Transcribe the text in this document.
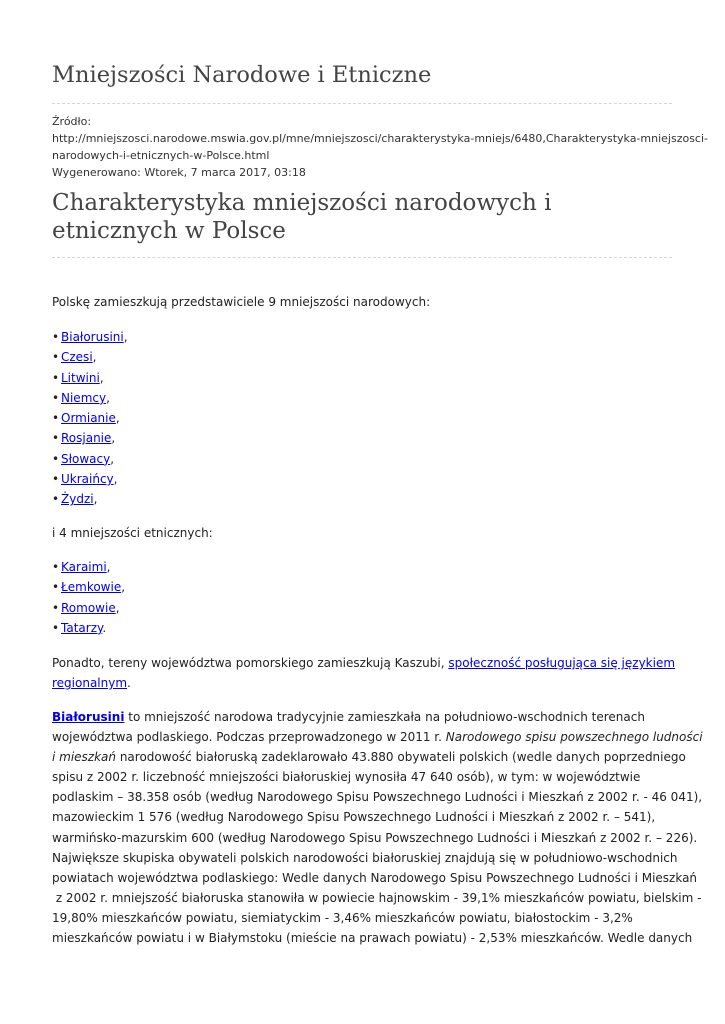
Mniejszości Narodowe i Etniczne
Źródło:
http://mniejszosci.narodowe.mswia.gov.pl/mne/mniejszosci/charakterystyka-mniejs/6480,Charakterystyka-mniejszosci-
narodowych-i-etnicznych-w-Polsce.html
Wygenerowano: Wtorek, 7 marca 2017, 03:18
Charakterystyka mniejszości narodowych i
etnicznych w Polsce
Polskę zamieszkują przedstawiciele 9 mniejszości narodowych:
• Białorusini,
• Czesi,
• Litwini,
• Niemcy,
• Ormianie,
• Rosjanie,
• Słowacy,
• Ukraińcy,
• Żydzi,
i 4 mniejszości etnicznych:
• Karaimi,
• Łemkowie,
• Romowie,
• Tatarzy.
Ponadto, tereny województwa pomorskiego zamieszkują Kaszubi, społeczność posługująca się językiem
regionalnym.
Białorusini to mniejszość narodowa tradycyjnie zamieszkała na południowo-wschodnich terenach
województwa podlaskiego. Podczas przeprowadzonego w 2011 r. Narodowego spisu powszechnego ludności
i mieszkań narodowość białoruską zadeklarowało 43.880 obywateli polskich (wedle danych poprzedniego
spisu z 2002 r. liczebność mniejszości białoruskiej wynosiła 47 640 osób), w tym: w województwie
podlaskim – 38.358 osób (według Narodowego Spisu Powszechnego Ludności i Mieszkań z 2002 r. - 46 041),
mazowieckim 1 576 (według Narodowego Spisu Powszechnego Ludności i Mieszkań z 2002 r. – 541),
warmińsko-mazurskim 600 (według Narodowego Spisu Powszechnego Ludności i Mieszkań z 2002 r. – 226).
Największe skupiska obywateli polskich narodowości białoruskiej znajdują się w południowo-wschodnich
powiatach województwa podlaskiego: Wedle danych Narodowego Spisu Powszechnego Ludności i Mieszkań
z 2002 r. mniejszość białoruska stanowiła w powiecie hajnowskim - 39,1% mieszkańców powiatu, bielskim -
19,80% mieszkańców powiatu, siemiatyckim - 3,46% mieszkańców powiatu, białostockim - 3,2%
mieszkańców powiatu i w Białymstoku (mieście na prawach powiatu) - 2,53% mieszkańców. Wedle danych
